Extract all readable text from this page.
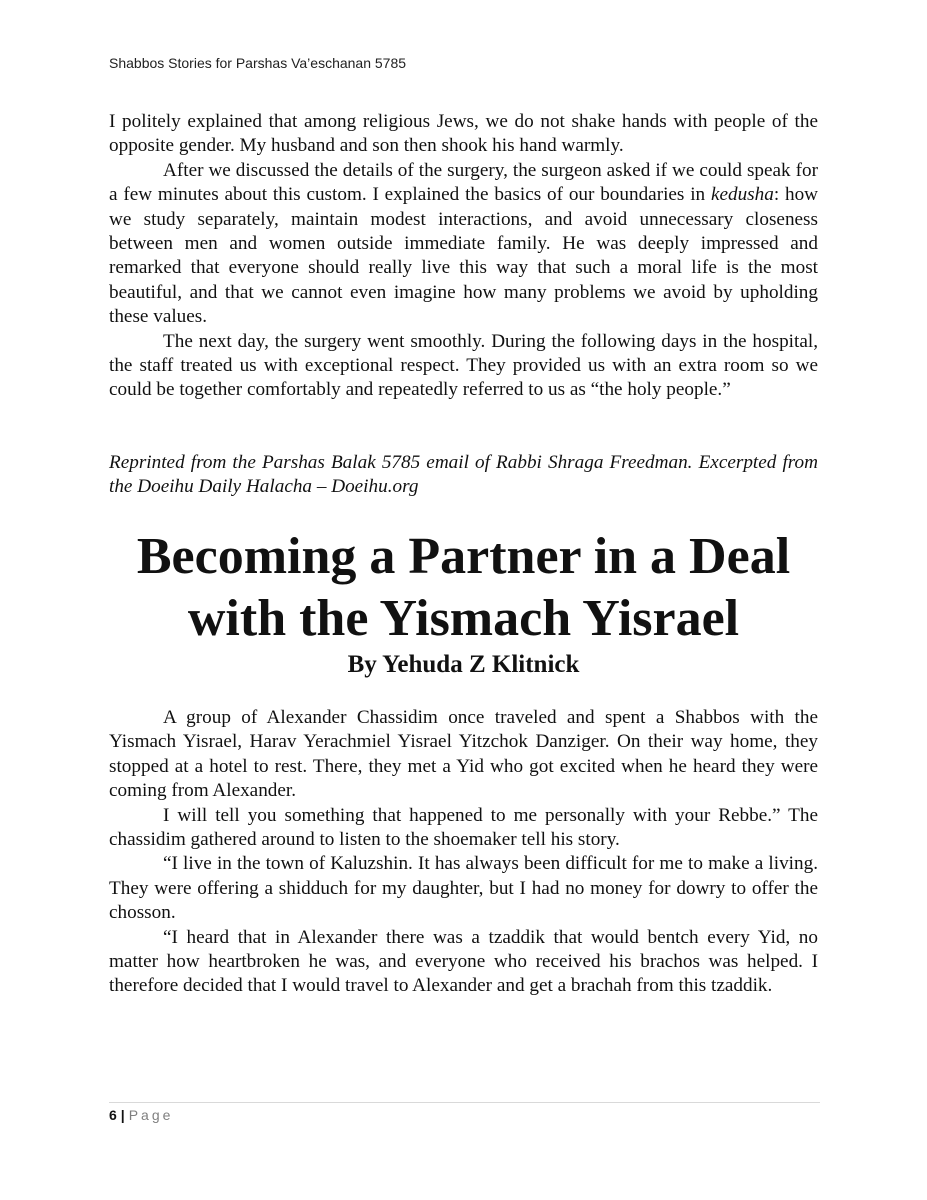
Shabbos Stories for Parshas Va’eschanan 5785

I politely explained that among religious Jews, we do not shake hands with people of the opposite gender. My husband and son then shook his hand warmly.

After we discussed the details of the surgery, the surgeon asked if we could speak for a few minutes about this custom. I explained the basics of our boundaries in kedusha: how we study separately, maintain modest interactions, and avoid unnecessary closeness between men and women outside immediate family. He was deeply impressed and remarked that everyone should really live this way that such a moral life is the most beautiful, and that we cannot even imagine how many problems we avoid by upholding these values.

The next day, the surgery went smoothly. During the following days in the hospital, the staff treated us with exceptional respect. They provided us with an extra room so we could be together comfortably and repeatedly referred to us as “the holy people.”

Reprinted from the Parshas Balak 5785 email of Rabbi Shraga Freedman. Excerpted from the Doeihu Daily Halacha – Doeihu.org

Becoming a Partner in a Deal
with the Yismach Yisrael

By Yehuda Z Klitnick

A group of Alexander Chassidim once traveled and spent a Shabbos with the Yismach Yisrael, Harav Yerachmiel Yisrael Yitzchok Danziger. On their way home, they stopped at a hotel to rest. There, they met a Yid who got excited when he heard they were coming from Alexander.

I will tell you something that happened to me personally with your Rebbe.” The chassidim gathered around to listen to the shoemaker tell his story.

“I live in the town of Kaluzshin. It has always been difficult for me to make a living. They were offering a shidduch for my daughter, but I had no money for dowry to offer the chosson.

“I heard that in Alexander there was a tzaddik that would bentch every Yid, no matter how heartbroken he was, and everyone who received his brachos was helped. I therefore decided that I would travel to Alexander and get a brachah from this tzaddik.

6 | Page
